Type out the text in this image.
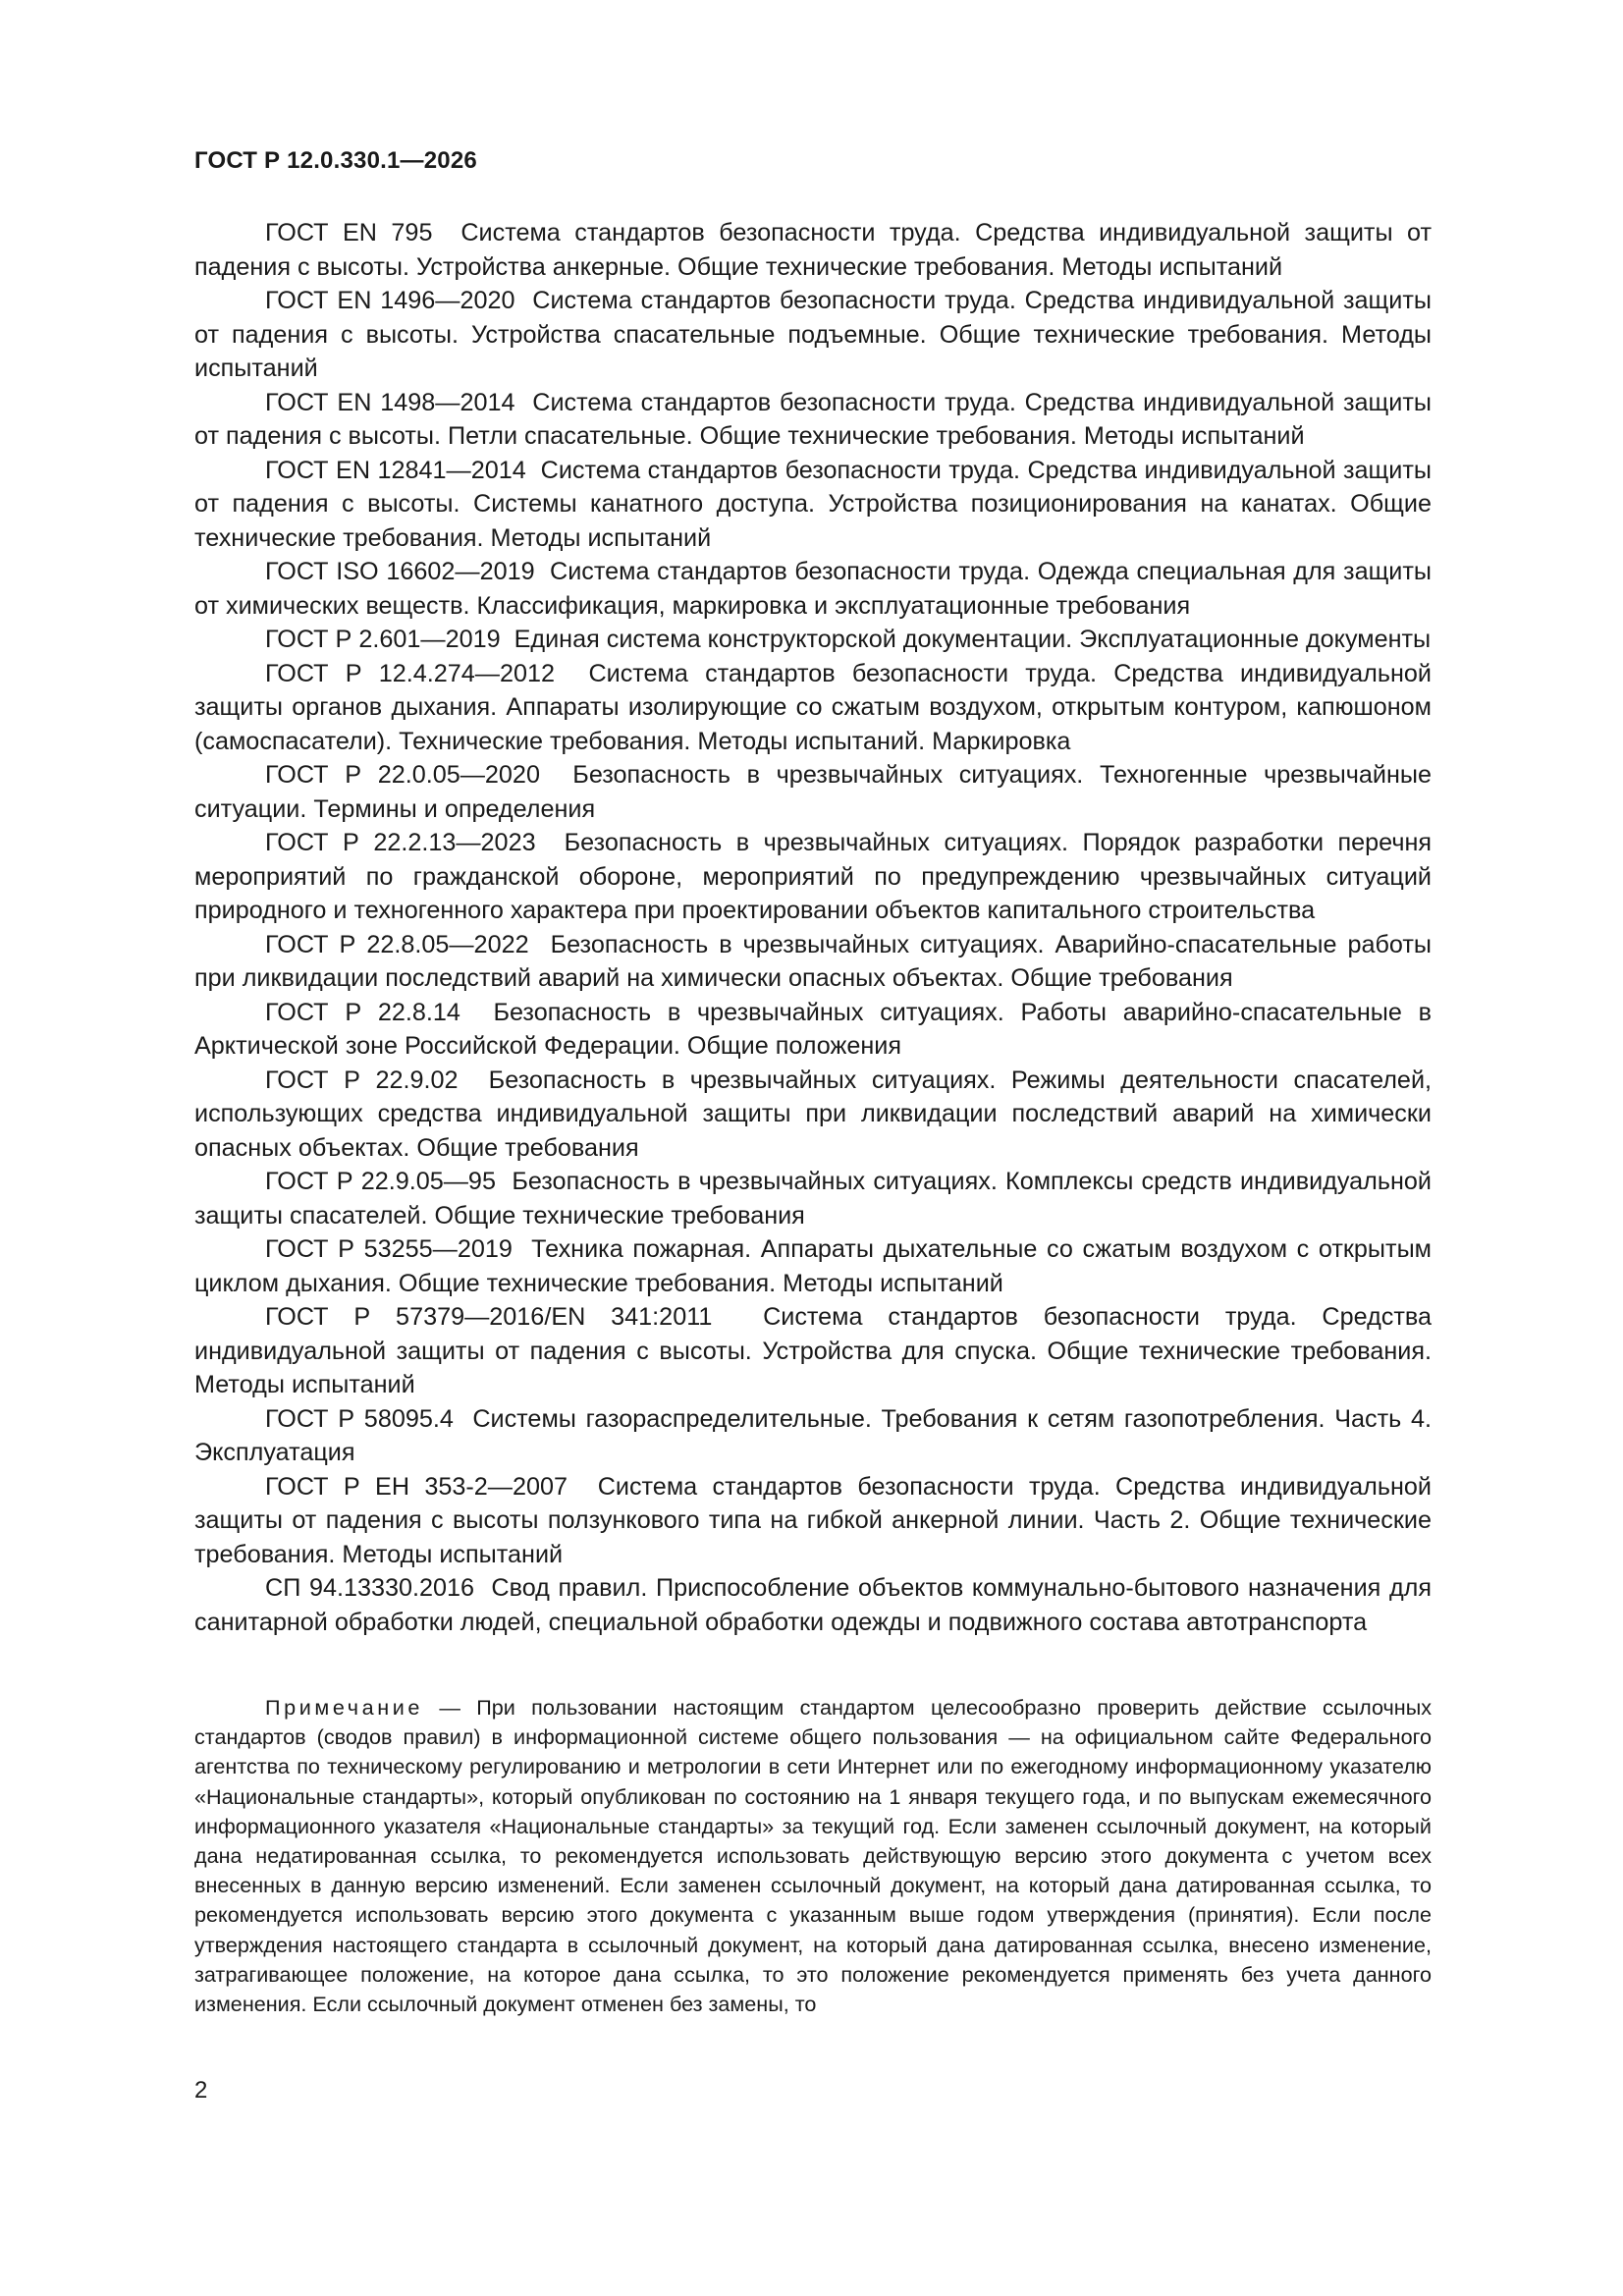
ГОСТ Р 12.0.330.1—2026

ГОСТ EN 795 Система стандартов безопасности труда. Средства индивидуальной защиты от падения с высоты. Устройства анкерные. Общие технические требования. Методы испытаний

ГОСТ EN 1496—2020 Система стандартов безопасности труда. Средства индивидуальной защиты от падения с высоты. Устройства спасательные подъемные. Общие технические требования. Методы испытаний

ГОСТ EN 1498—2014 Система стандартов безопасности труда. Средства индивидуальной защиты от падения с высоты. Петли спасательные. Общие технические требования. Методы испытаний

ГОСТ EN 12841—2014 Система стандартов безопасности труда. Средства индивидуальной защиты от падения с высоты. Системы канатного доступа. Устройства позиционирования на канатах. Общие технические требования. Методы испытаний

ГОСТ ISO 16602—2019 Система стандартов безопасности труда. Одежда специальная для защиты от химических веществ. Классификация, маркировка и эксплуатационные требования

ГОСТ Р 2.601—2019 Единая система конструкторской документации. Эксплуатационные документы

ГОСТ Р 12.4.274—2012 Система стандартов безопасности труда. Средства индивидуальной защиты органов дыхания. Аппараты изолирующие со сжатым воздухом, открытым контуром, капюшоном (самоспасатели). Технические требования. Методы испытаний. Маркировка

ГОСТ Р 22.0.05—2020 Безопасность в чрезвычайных ситуациях. Техногенные чрезвычайные ситуации. Термины и определения

ГОСТ Р 22.2.13—2023 Безопасность в чрезвычайных ситуациях. Порядок разработки перечня мероприятий по гражданской обороне, мероприятий по предупреждению чрезвычайных ситуаций природного и техногенного характера при проектировании объектов капитального строительства

ГОСТ Р 22.8.05—2022 Безопасность в чрезвычайных ситуациях. Аварийно-спасательные работы при ликвидации последствий аварий на химически опасных объектах. Общие требования

ГОСТ Р 22.8.14 Безопасность в чрезвычайных ситуациях. Работы аварийно-спасательные в Арктической зоне Российской Федерации. Общие положения

ГОСТ Р 22.9.02 Безопасность в чрезвычайных ситуациях. Режимы деятельности спасателей, использующих средства индивидуальной защиты при ликвидации последствий аварий на химически опасных объектах. Общие требования

ГОСТ Р 22.9.05—95 Безопасность в чрезвычайных ситуациях. Комплексы средств индивидуальной защиты спасателей. Общие технические требования

ГОСТ Р 53255—2019 Техника пожарная. Аппараты дыхательные со сжатым воздухом с открытым циклом дыхания. Общие технические требования. Методы испытаний

ГОСТ Р 57379—2016/EN 341:2011 Система стандартов безопасности труда. Средства индивидуальной защиты от падения с высоты. Устройства для спуска. Общие технические требования. Методы испытаний

ГОСТ Р 58095.4 Системы газораспределительные. Требования к сетям газопотребления. Часть 4. Эксплуатация

ГОСТ Р ЕН 353-2—2007 Система стандартов безопасности труда. Средства индивидуальной защиты от падения с высоты ползункового типа на гибкой анкерной линии. Часть 2. Общие технические требования. Методы испытаний

СП 94.13330.2016 Свод правил. Приспособление объектов коммунально-бытового назначения для санитарной обработки людей, специальной обработки одежды и подвижного состава автотранспорта

Примечание — При пользовании настоящим стандартом целесообразно проверить действие ссылочных стандартов (сводов правил) в информационной системе общего пользования — на официальном сайте Федерального агентства по техническому регулированию и метрологии в сети Интернет или по ежегодному информационному указателю «Национальные стандарты», который опубликован по состоянию на 1 января текущего года, и по выпускам ежемесячного информационного указателя «Национальные стандарты» за текущий год. Если заменен ссылочный документ, на который дана недатированная ссылка, то рекомендуется использовать действующую версию этого документа с учетом всех внесенных в данную версию изменений. Если заменен ссылочный документ, на который дана датированная ссылка, то рекомендуется использовать версию этого документа с указанным выше годом утверждения (принятия). Если после утверждения настоящего стандарта в ссылочный документ, на который дана датированная ссылка, внесено изменение, затрагивающее положение, на которое дана ссылка, то это положение рекомендуется применять без учета данного изменения. Если ссылочный документ отменен без замены, то

2
